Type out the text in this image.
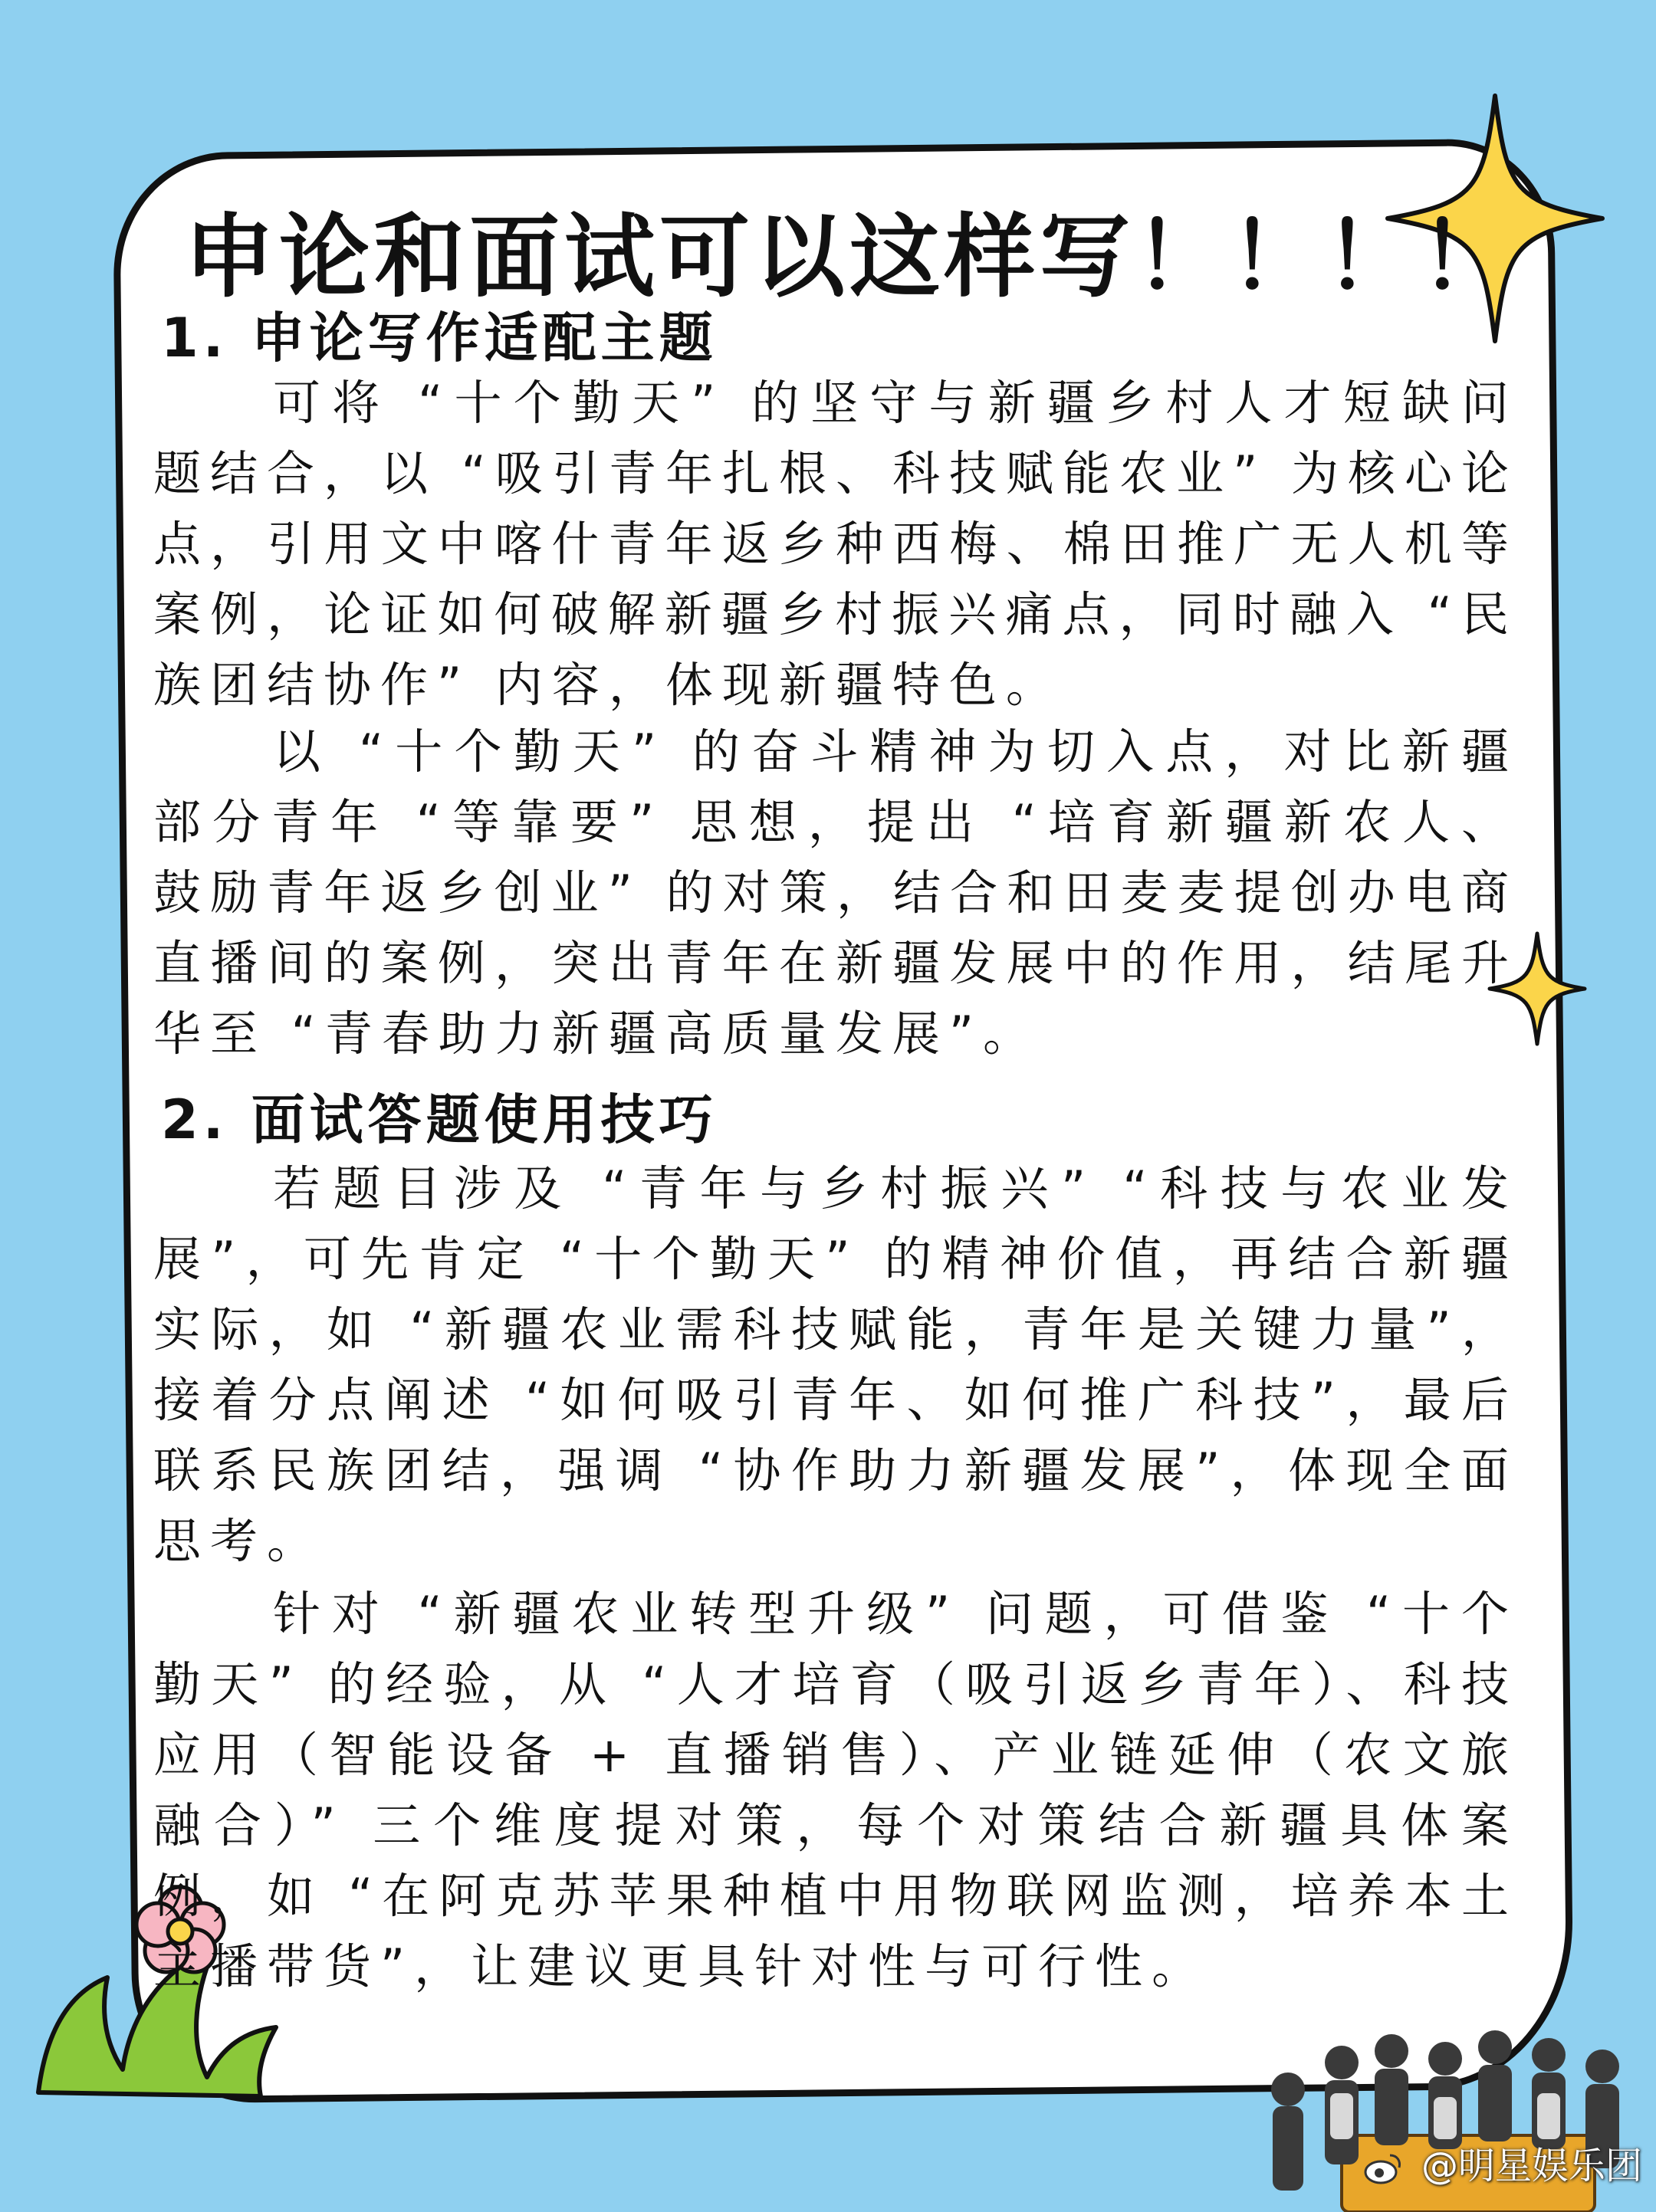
申论和面试可以这样写！！！！
1. 申论写作适配主题

可将 “十个勤天” 的坚守与新疆乡村人才短缺问题结合，以 “吸引青年扎根、科技赋能农业” 为核心论点，引用文中喀什青年返乡种西梅、棉田推广无人机等案例，论证如何破解新疆乡村振兴痛点，同时融入 “民族团结协作” 内容，体现新疆特色。

以 “十个勤天” 的奋斗精神为切入点，对比新疆部分青年 “等靠要” 思想，提出 “培育新疆新农人、鼓励青年返乡创业” 的对策，结合和田麦麦提创办电商直播间的案例，突出青年在新疆发展中的作用，结尾升华至 “青春助力新疆高质量发展”。

2. 面试答题使用技巧

若题目涉及 “青年与乡村振兴” “科技与农业发展”，可先肯定 “十个勤天” 的精神价值，再结合新疆实际，如 “新疆农业需科技赋能，青年是关键力量”，接着分点阐述 “如何吸引青年、如何推广科技”，最后联系民族团结，强调 “协作助力新疆发展”，体现全面思考。

针对 “新疆农业转型升级” 问题，可借鉴 “十个勤天” 的经验，从 “人才培育（吸引返乡青年）、科技应用（智能设备 + 直播销售）、产业链延伸（农文旅融合）” 三个维度提对策，每个对策结合新疆具体案例，如 “在阿克苏苹果种植中用物联网监测，培养本土主播带货”，让建议更具针对性与可行性。

@明星娱乐团
